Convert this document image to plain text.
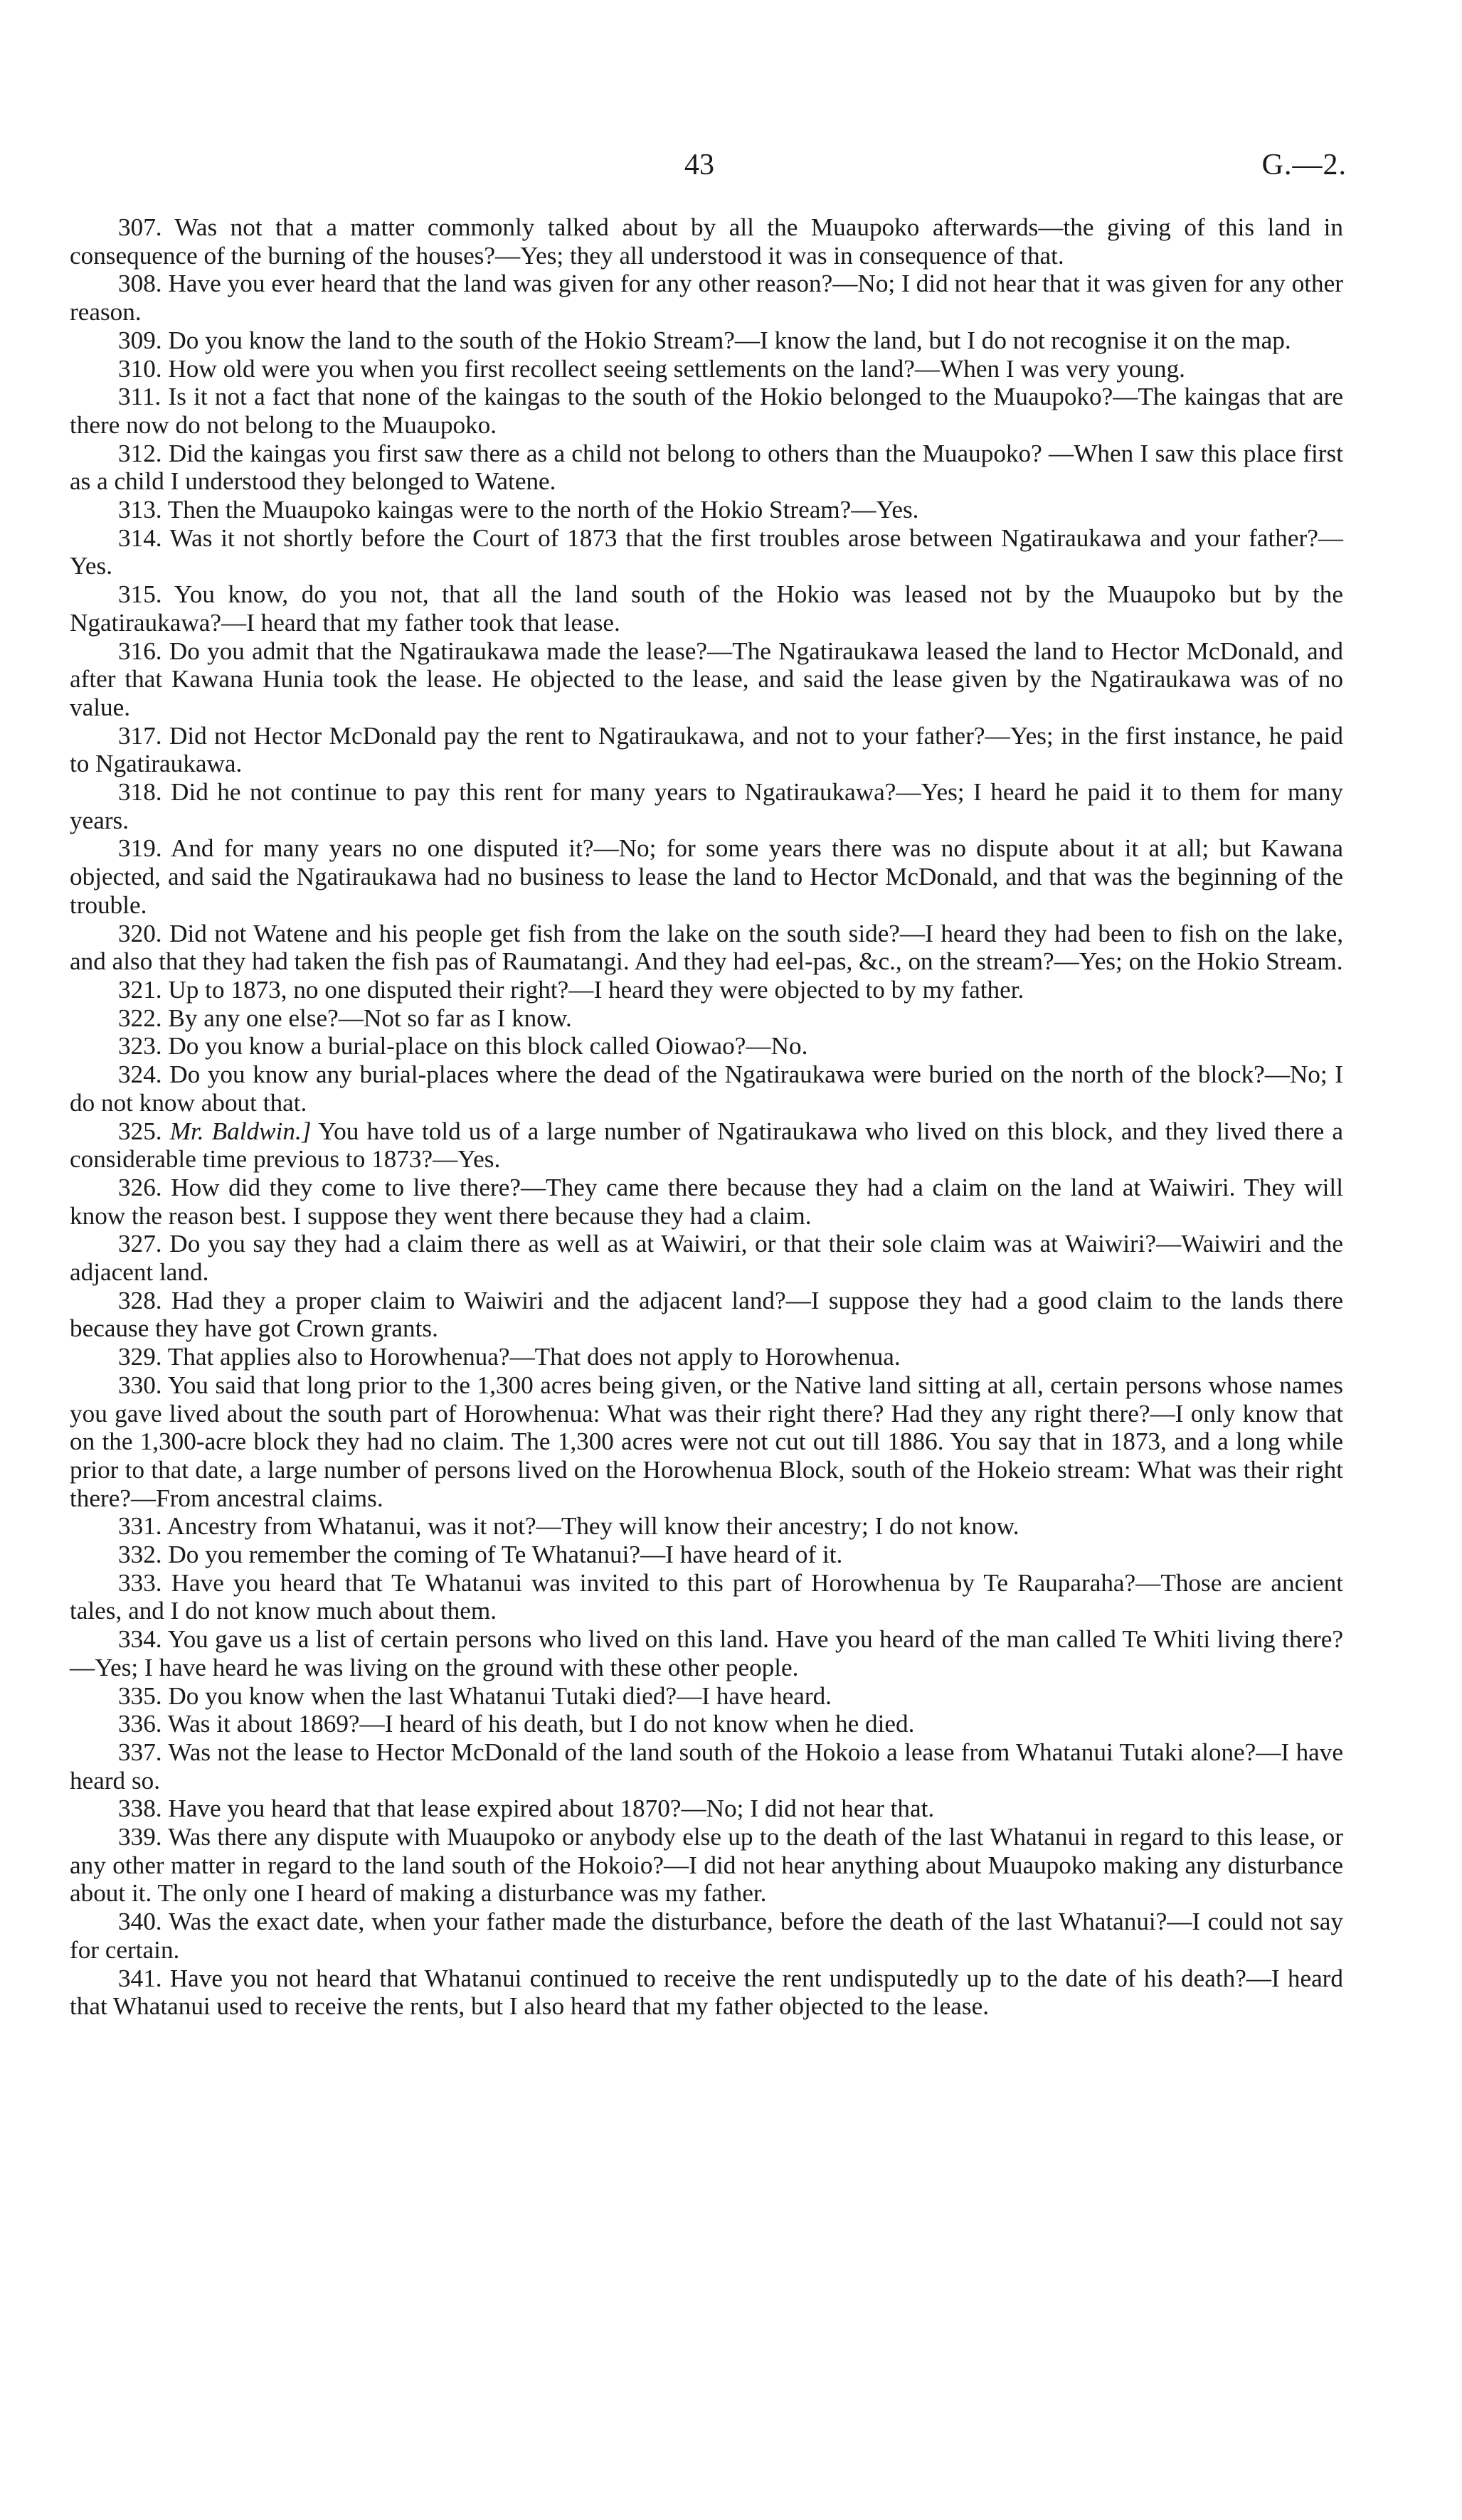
43	G.—2.

307. Was not that a matter commonly talked about by all the Muaupoko afterwards—the giving of this land in consequence of the burning of the houses?—Yes; they all understood it was in consequence of that.

308. Have you ever heard that the land was given for any other reason?—No; I did not hear that it was given for any other reason.

309. Do you know the land to the south of the Hokio Stream?—I know the land, but I do not recognise it on the map.

310. How old were you when you first recollect seeing settlements on the land?—When I was very young.

311. Is it not a fact that none of the kaingas to the south of the Hokio belonged to the Muaupoko?—The kaingas that are there now do not belong to the Muaupoko.

312. Did the kaingas you first saw there as a child not belong to others than the Muaupoko? —When I saw this place first as a child I understood they belonged to Watene.

313. Then the Muaupoko kaingas were to the north of the Hokio Stream?—Yes.

314. Was it not shortly before the Court of 1873 that the first troubles arose between Ngatiraukawa and your father?—Yes.

315. You know, do you not, that all the land south of the Hokio was leased not by the Muaupoko but by the Ngatiraukawa?—I heard that my father took that lease.

316. Do you admit that the Ngatiraukawa made the lease?—The Ngatiraukawa leased the land to Hector McDonald, and after that Kawana Hunia took the lease. He objected to the lease, and said the lease given by the Ngatiraukawa was of no value.

317. Did not Hector McDonald pay the rent to Ngatiraukawa, and not to your father?—Yes; in the first instance, he paid to Ngatiraukawa.

318. Did he not continue to pay this rent for many years to Ngatiraukawa?—Yes; I heard he paid it to them for many years.

319. And for many years no one disputed it?—No; for some years there was no dispute about it at all; but Kawana objected, and said the Ngatiraukawa had no business to lease the land to Hector McDonald, and that was the beginning of the trouble.

320. Did not Watene and his people get fish from the lake on the south side?—I heard they had been to fish on the lake, and also that they had taken the fish pas of Raumatangi. And they had eel-pas, &c., on the stream?—Yes; on the Hokio Stream.

321. Up to 1873, no one disputed their right?—I heard they were objected to by my father.

322. By any one else?—Not so far as I know.

323. Do you know a burial-place on this block called Oiowao?—No.

324. Do you know any burial-places where the dead of the Ngatiraukawa were buried on the north of the block?—No; I do not know about that.

325. Mr. Baldwin.] You have told us of a large number of Ngatiraukawa who lived on this block, and they lived there a considerable time previous to 1873?—Yes.

326. How did they come to live there?—They came there because they had a claim on the land at Waiwiri. They will know the reason best. I suppose they went there because they had a claim.

327. Do you say they had a claim there as well as at Waiwiri, or that their sole claim was at Waiwiri?—Waiwiri and the adjacent land.

328. Had they a proper claim to Waiwiri and the adjacent land?—I suppose they had a good claim to the lands there because they have got Crown grants.

329. That applies also to Horowhenua?—That does not apply to Horowhenua.

330. You said that long prior to the 1,300 acres being given, or the Native land sitting at all, certain persons whose names you gave lived about the south part of Horowhenua: What was their right there? Had they any right there?—I only know that on the 1,300-acre block they had no claim. The 1,300 acres were not cut out till 1886. You say that in 1873, and a long while prior to that date, a large number of persons lived on the Horowhenua Block, south of the Hokeio stream: What was their right there?—From ancestral claims.

331. Ancestry from Whatanui, was it not?—They will know their ancestry; I do not know.

332. Do you remember the coming of Te Whatanui?—I have heard of it.

333. Have you heard that Te Whatanui was invited to this part of Horowhenua by Te Rauparaha?—Those are ancient tales, and I do not know much about them.

334. You gave us a list of certain persons who lived on this land. Have you heard of the man called Te Whiti living there?—Yes; I have heard he was living on the ground with these other people.

335. Do you know when the last Whatanui Tutaki died?—I have heard.

336. Was it about 1869?—I heard of his death, but I do not know when he died.

337. Was not the lease to Hector McDonald of the land south of the Hokoio a lease from Whatanui Tutaki alone?—I have heard so.

338. Have you heard that that lease expired about 1870?—No; I did not hear that.

339. Was there any dispute with Muaupoko or anybody else up to the death of the last Whatanui in regard to this lease, or any other matter in regard to the land south of the Hokoio?—I did not hear anything about Muaupoko making any disturbance about it. The only one I heard of making a disturbance was my father.

340. Was the exact date, when your father made the disturbance, before the death of the last Whatanui?—I could not say for certain.

341. Have you not heard that Whatanui continued to receive the rent undisputedly up to the date of his death?—I heard that Whatanui used to receive the rents, but I also heard that my father objected to the lease.
